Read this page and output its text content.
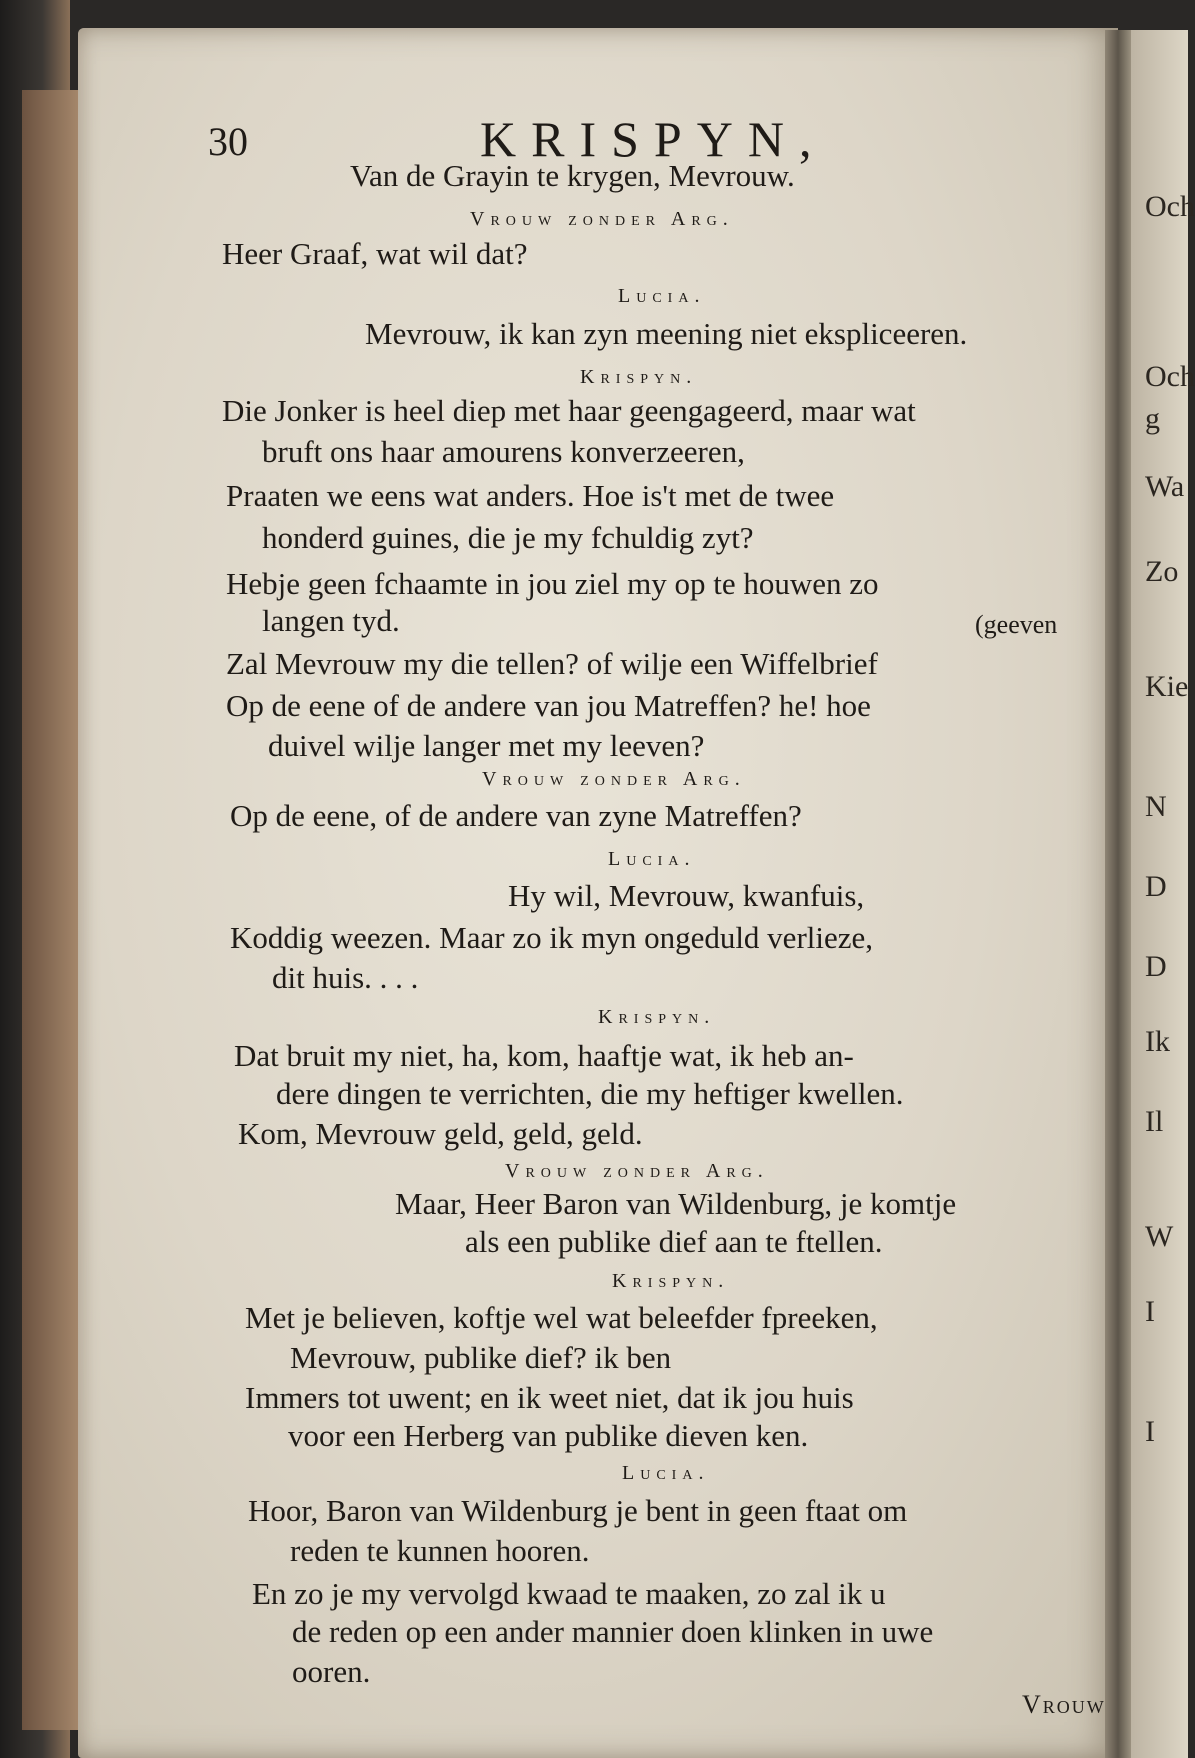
Och
Och
g
Wa
Zo
Kie
N
D
D
Ik
Il
W
I
I
30	KRISPYN,
Van de Grayin te krygen, Mevrouw.
Vrouw zonder Arg.
Heer Graaf, wat wil dat?
Lucia.
Mevrouw, ik kan zyn meening niet ekspliceeren.
Krispyn.
Die Jonker is heel diep met haar geengageerd, maar wat
bruft ons haar amourens konverzeeren,
Praaten we eens wat anders. Hoe is't met de twee
honderd guines, die je my fchuldig zyt?
Hebje geen fchaamte in jou ziel my op te houwen zo
langen tyd.	(geeven
Zal Mevrouw my die tellen? of wilje een Wiffelbrief
Op de eene of de andere van jou Matreffen? he! hoe
duivel wilje langer met my leeven?
Vrouw zonder Arg.
Op de eene, of de andere van zyne Matreffen?
Lucia.
Hy wil, Mevrouw, kwanfuis,
Koddig weezen. Maar zo ik myn ongeduld verlieze,
dit huis. . . .
Krispyn.
Dat bruit my niet, ha, kom, haaftje wat, ik heb an-
dere dingen te verrichten, die my heftiger kwellen.
Kom, Mevrouw geld, geld, geld.
Vrouw zonder Arg.
Maar, Heer Baron van Wildenburg, je komtje
als een publike dief aan te ftellen.
Krispyn.
Met je believen, koftje wel wat beleefder fpreeken,
Mevrouw, publike dief? ik ben
Immers tot uwent; en ik weet niet, dat ik jou huis
voor een Herberg van publike dieven ken.
Lucia.
Hoor, Baron van Wildenburg je bent in geen ftaat om
reden te kunnen hooren.
En zo je my vervolgd kwaad te maaken, zo zal ik u
de reden op een ander mannier doen klinken in uwe
ooren.
Vrouw
